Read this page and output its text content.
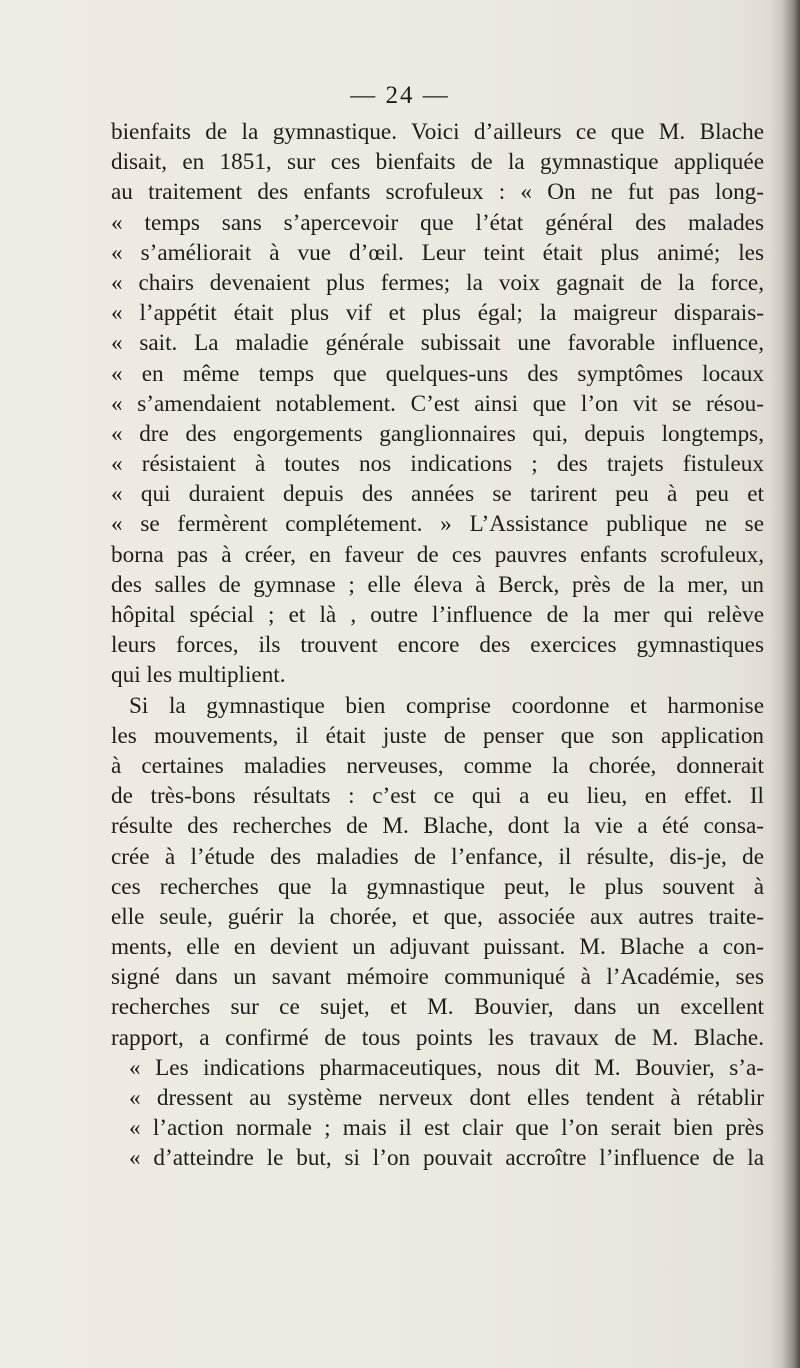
— 24 —
bienfaits de la gymnastique. Voici d’ailleurs ce que M. Blache
disait, en 1851, sur ces bienfaits de la gymnastique appliquée
au traitement des enfants scrofuleux : « On ne fut pas long-
« temps sans s’apercevoir que l’état général des malades
« s’améliorait à vue d’œil. Leur teint était plus animé; les
« chairs devenaient plus fermes; la voix gagnait de la force,
« l’appétit était plus vif et plus égal; la maigreur disparais-
« sait. La maladie générale subissait une favorable influence,
« en même temps que quelques-uns des symptômes locaux
« s’amendaient notablement. C’est ainsi que l’on vit se résou-
« dre des engorgements ganglionnaires qui, depuis longtemps,
« résistaient à toutes nos indications ; des trajets fistuleux
« qui duraient depuis des années se tarirent peu à peu et
« se fermèrent complétement. » L’Assistance publique ne se
borna pas à créer, en faveur de ces pauvres enfants scrofuleux,
des salles de gymnase ; elle éleva à Berck, près de la mer, un
hôpital spécial ; et là , outre l’influence de la mer qui relève
leurs forces, ils trouvent encore des exercices gymnastiques
qui les multiplient.
Si la gymnastique bien comprise coordonne et harmonise
les mouvements, il était juste de penser que son application
à certaines maladies nerveuses, comme la chorée, donnerait
de très-bons résultats : c’est ce qui a eu lieu, en effet. Il
résulte des recherches de M. Blache, dont la vie a été consa-
crée à l’étude des maladies de l’enfance, il résulte, dis-je, de
ces recherches que la gymnastique peut, le plus souvent à
elle seule, guérir la chorée, et que, associée aux autres traite-
ments, elle en devient un adjuvant puissant. M. Blache a con-
signé dans un savant mémoire communiqué à l’Académie, ses
recherches sur ce sujet, et M. Bouvier, dans un excellent
rapport, a confirmé de tous points les travaux de M. Blache.
« Les indications pharmaceutiques, nous dit M. Bouvier, s’a-
« dressent au système nerveux dont elles tendent à rétablir
« l’action normale ; mais il est clair que l’on serait bien près
« d’atteindre le but, si l’on pouvait accroître l’influence de la
